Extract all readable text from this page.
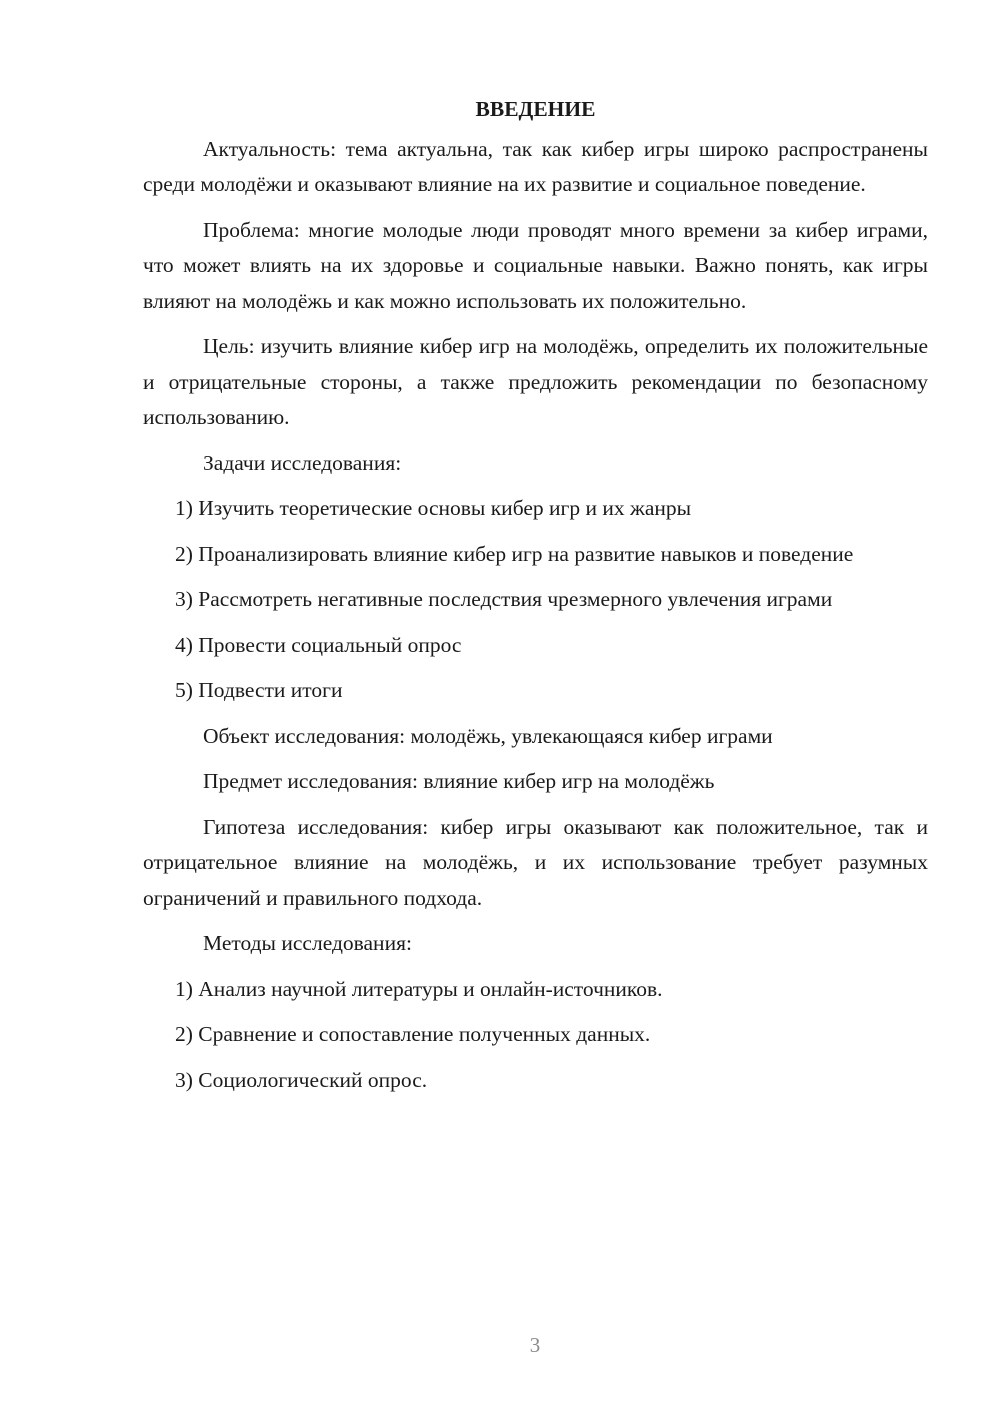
ВВЕДЕНИЕ

Актуальность: тема актуальна, так как кибер игры широко распространены среди молодёжи и оказывают влияние на их развитие и социальное поведение.

Проблема: многие молодые люди проводят много времени за кибер играми, что может влиять на их здоровье и социальные навыки. Важно понять, как игры влияют на молодёжь и как можно использовать их положительно.

Цель: изучить влияние кибер игр на молодёжь, определить их положительные и отрицательные стороны, а также предложить рекомендации по безопасному использованию.

Задачи исследования:

1) Изучить теоретические основы кибер игр и их жанры

2) Проанализировать влияние кибер игр на развитие навыков и поведение

3) Рассмотреть негативные последствия чрезмерного увлечения играми

4) Провести социальный опрос

5) Подвести итоги

Объект исследования: молодёжь, увлекающаяся кибер играми

Предмет исследования: влияние кибер игр на молодёжь

Гипотеза исследования: кибер игры оказывают как положительное, так и отрицательное влияние на молодёжь, и их использование требует разумных ограничений и правильного подхода.

Методы исследования:

1) Анализ научной литературы и онлайн-источников.

2) Сравнение и сопоставление полученных данных.

3) Социологический опрос.

3
